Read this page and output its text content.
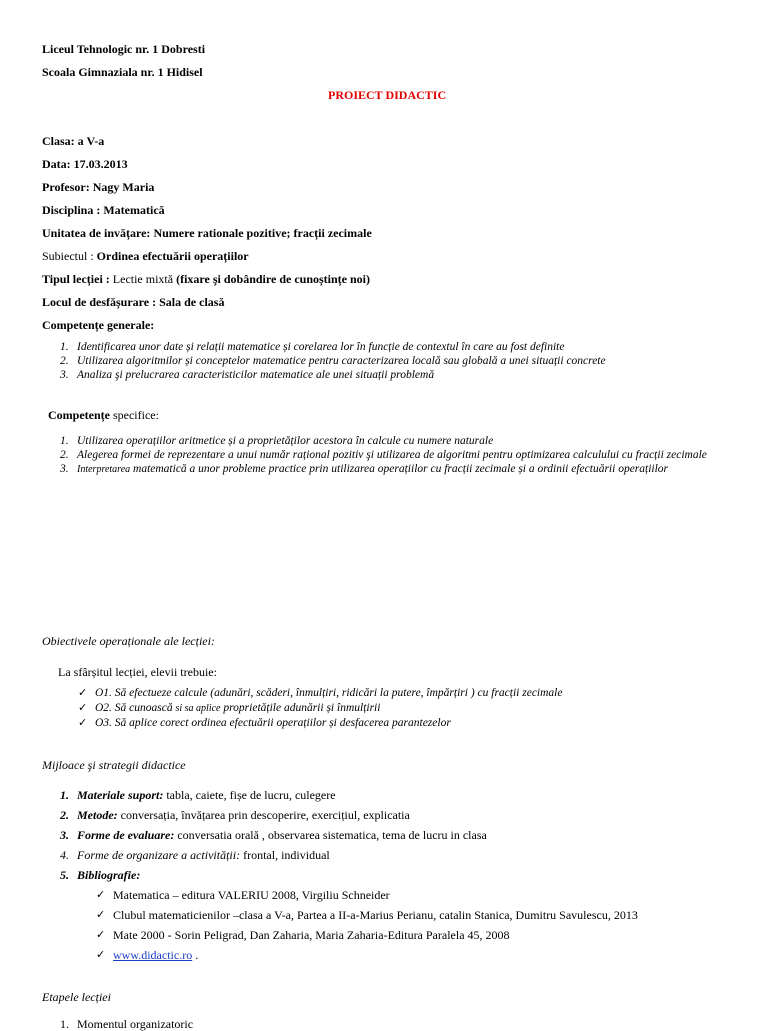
Liceul Tehnologic nr. 1 Dobresti
Scoala Gimnaziala nr. 1 Hidisel
PROIECT DIDACTIC
Clasa: a V-a
Data: 17.03.2013
Profesor: Nagy Maria
Disciplina : Matematică
Unitatea de invățare: Numere rationale pozitive; fracții zecimale
Subiectul : Ordinea efectuării operațiilor
Tipul lecției : Lectie mixtă (fixare şi dobândire de cunoștințe noi)
Locul de desfășurare : Sala de clasă
Competențe generale:
1. Identificarea unor date și relații matematice și corelarea lor în funcție de contextul în care au fost definite
2. Utilizarea algoritmilor și conceptelor matematice pentru caracterizarea locală sau globală a unei situații concrete
3. Analiza şi prelucrarea caracteristicilor matematice ale unei situații problemă
Competențe specifice:
1. Utilizarea operațiilor aritmetice și a proprietăților acestora în calcule cu numere naturale
2. Alegerea formei de reprezentare a unui număr rațional pozitiv şi utilizarea de algoritmi pentru optimizarea calculului cu fracții zecimale
3. Interpretarea matematică a unor probleme practice prin utilizarea operațiilor cu fracții zecimale și a ordinii efectuării operațiilor
Obiectivele operaționale ale lecției:
La sfârșitul lecției, elevii trebuie:
✓ O1. Să efectueze calcule (adunări, scăderi, înmulțiri, ridicări la putere, împărțiri ) cu fracții zecimale
✓ O2. Să cunoască si sa aplice proprietățile adunării și înmulțirii
✓ O3. Să aplice corect ordinea efectuării operațiilor și desfacerea parantezelor
Mijloace şi strategii didactice
1. Materiale suport: tabla, caiete, fișe de lucru, culegere
2. Metode: conversația, învățarea prin descoperire, exercițiul, explicatia
3. Forme de evaluare: conversatia orală , observarea sistematica, tema de lucru in clasa
4. Forme de organizare a activității: frontal, individual
5. Bibliografie:
✓ Matematica – editura VALERIU 2008, Virgiliu Schneider
✓ Clubul matematicienilor –clasa a V-a, Partea a II-a-Marius Perianu, catalin Stanica, Dumitru Savulescu, 2013
✓ Mate 2000 - Sorin Peligrad, Dan Zaharia, Maria Zaharia-Editura Paralela 45, 2008
✓ www.didactic.ro .
Etapele lecției
1. Momentul organizatoric
